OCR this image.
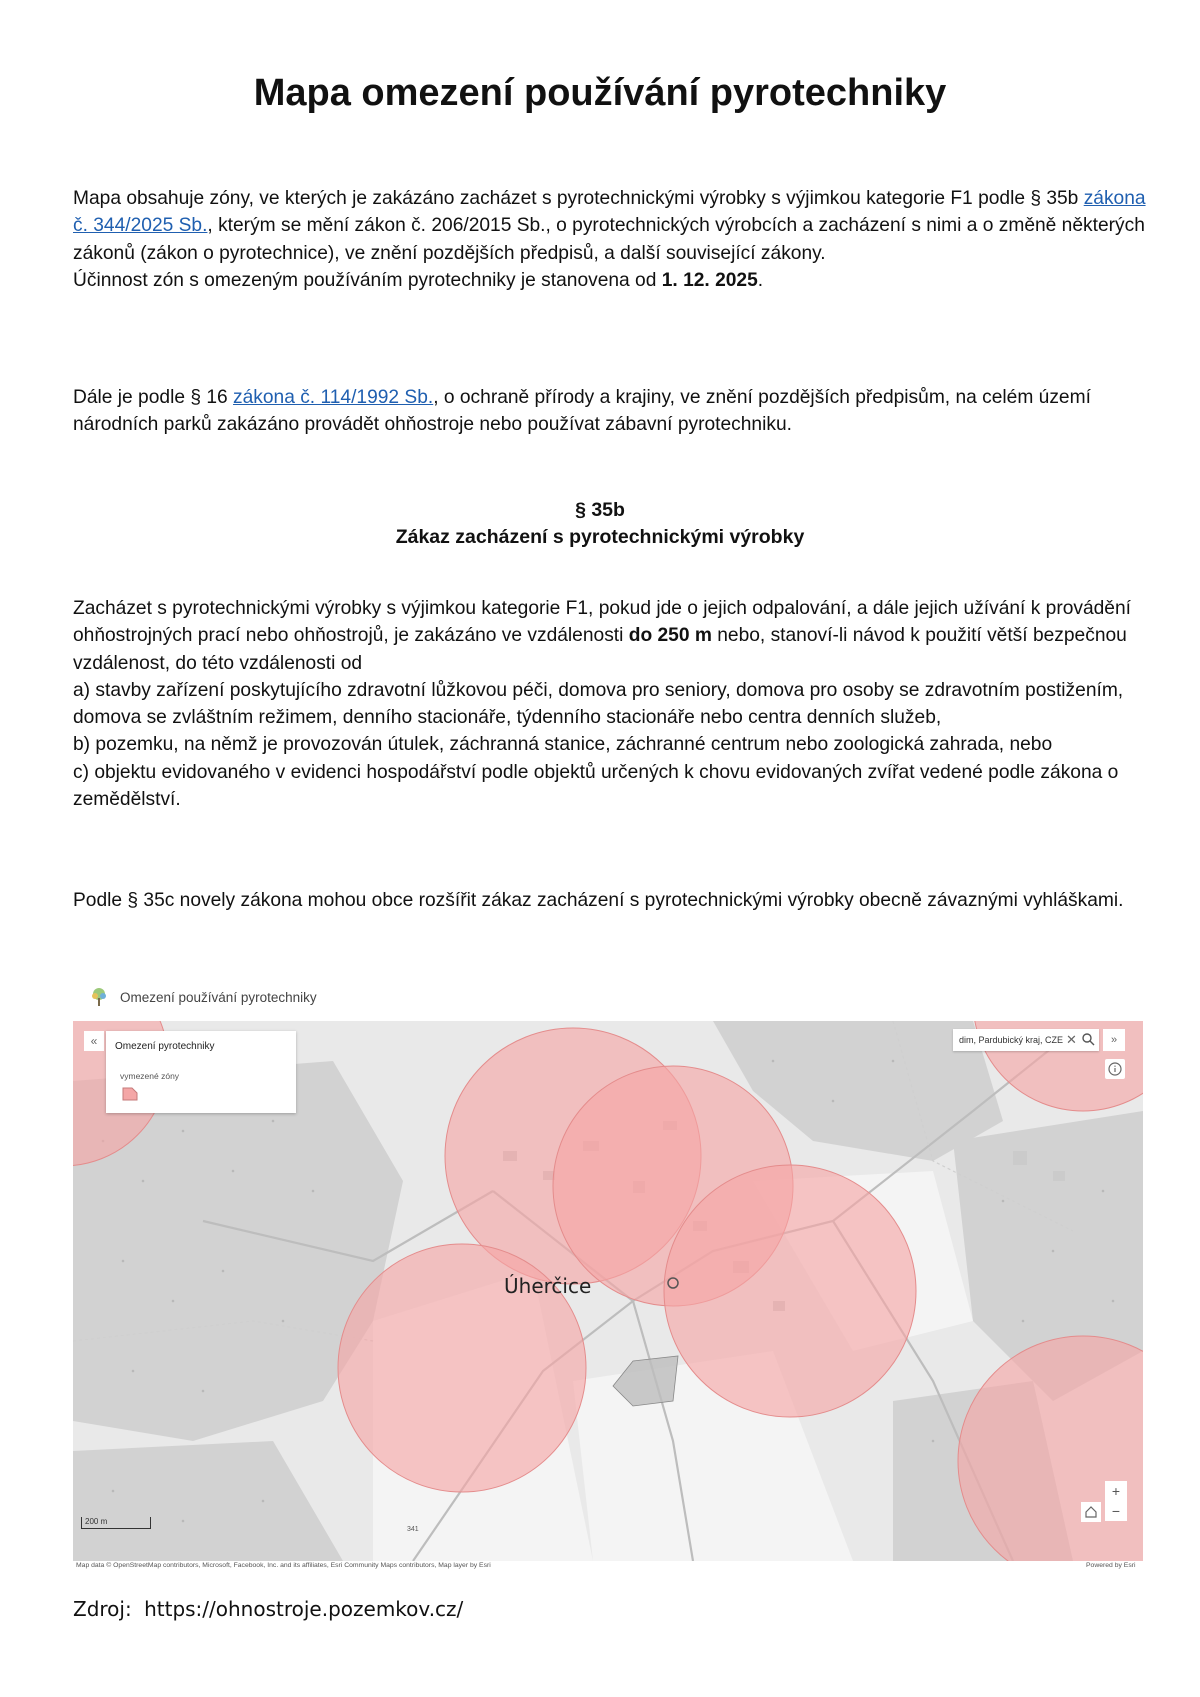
Mapa omezení používání pyrotechniky

Mapa obsahuje zóny, ve kterých je zakázáno zacházet s pyrotechnickými výrobky s výjimkou kategorie F1 podle § 35b zákona č. 344/2025 Sb., kterým se mění zákon č. 206/2015 Sb., o pyrotechnických výrobcích a zacházení s nimi a o změně některých zákonů (zákon o pyrotechnice), ve znění pozdějších předpisů, a další související zákony.
Účinnost zón s omezeným používáním pyrotechniky je stanovena od 1. 12. 2025.

Dále je podle § 16 zákona č. 114/1992 Sb., o ochraně přírody a krajiny, ve znění pozdějších předpisům, na celém území národních parků zakázáno provádět ohňostroje nebo používat zábavní pyrotechniku.

§ 35b
Zákaz zacházení s pyrotechnickými výrobky

Zacházet s pyrotechnickými výrobky s výjimkou kategorie F1, pokud jde o jejich odpalování, a dále jejich užívání k provádění ohňostrojných prací nebo ohňostrojů, je zakázáno ve vzdálenosti do 250 m nebo, stanoví-li návod k použití větší bezpečnou vzdálenost, do této vzdálenosti od
a) stavby zařízení poskytujícího zdravotní lůžkovou péči, domova pro seniory, domova pro osoby se zdravotním postižením, domova se zvláštním režimem, denního stacionáře, týdenního stacionáře nebo centra denních služeb,
b) pozemku, na němž je provozován útulek, záchranná stanice, záchranné centrum nebo zoologická zahrada, nebo
c) objektu evidovaného v evidenci hospodářství podle objektů určených k chovu evidovaných zvířat vedené podle zákona o zemědělství.

Podle § 35c novely zákona mohou obce rozšířit zákaz zacházení s pyrotechnickými výrobky obecně závaznými vyhláškami.

Omezení používání pyrotechniky
«	Omezení pyrotechniky
vymezené zóny
dim, Pardubický kraj, CZE ✕	»
Úherčice
200 m
341
+
−
Map data © OpenStreetMap contributors, Microsoft, Facebook, Inc. and its affiliates, Esri Community Maps contributors, Map layer by Esri	Powered by Esri
Zdroj: https://ohnostroje.pozemkov.cz/
